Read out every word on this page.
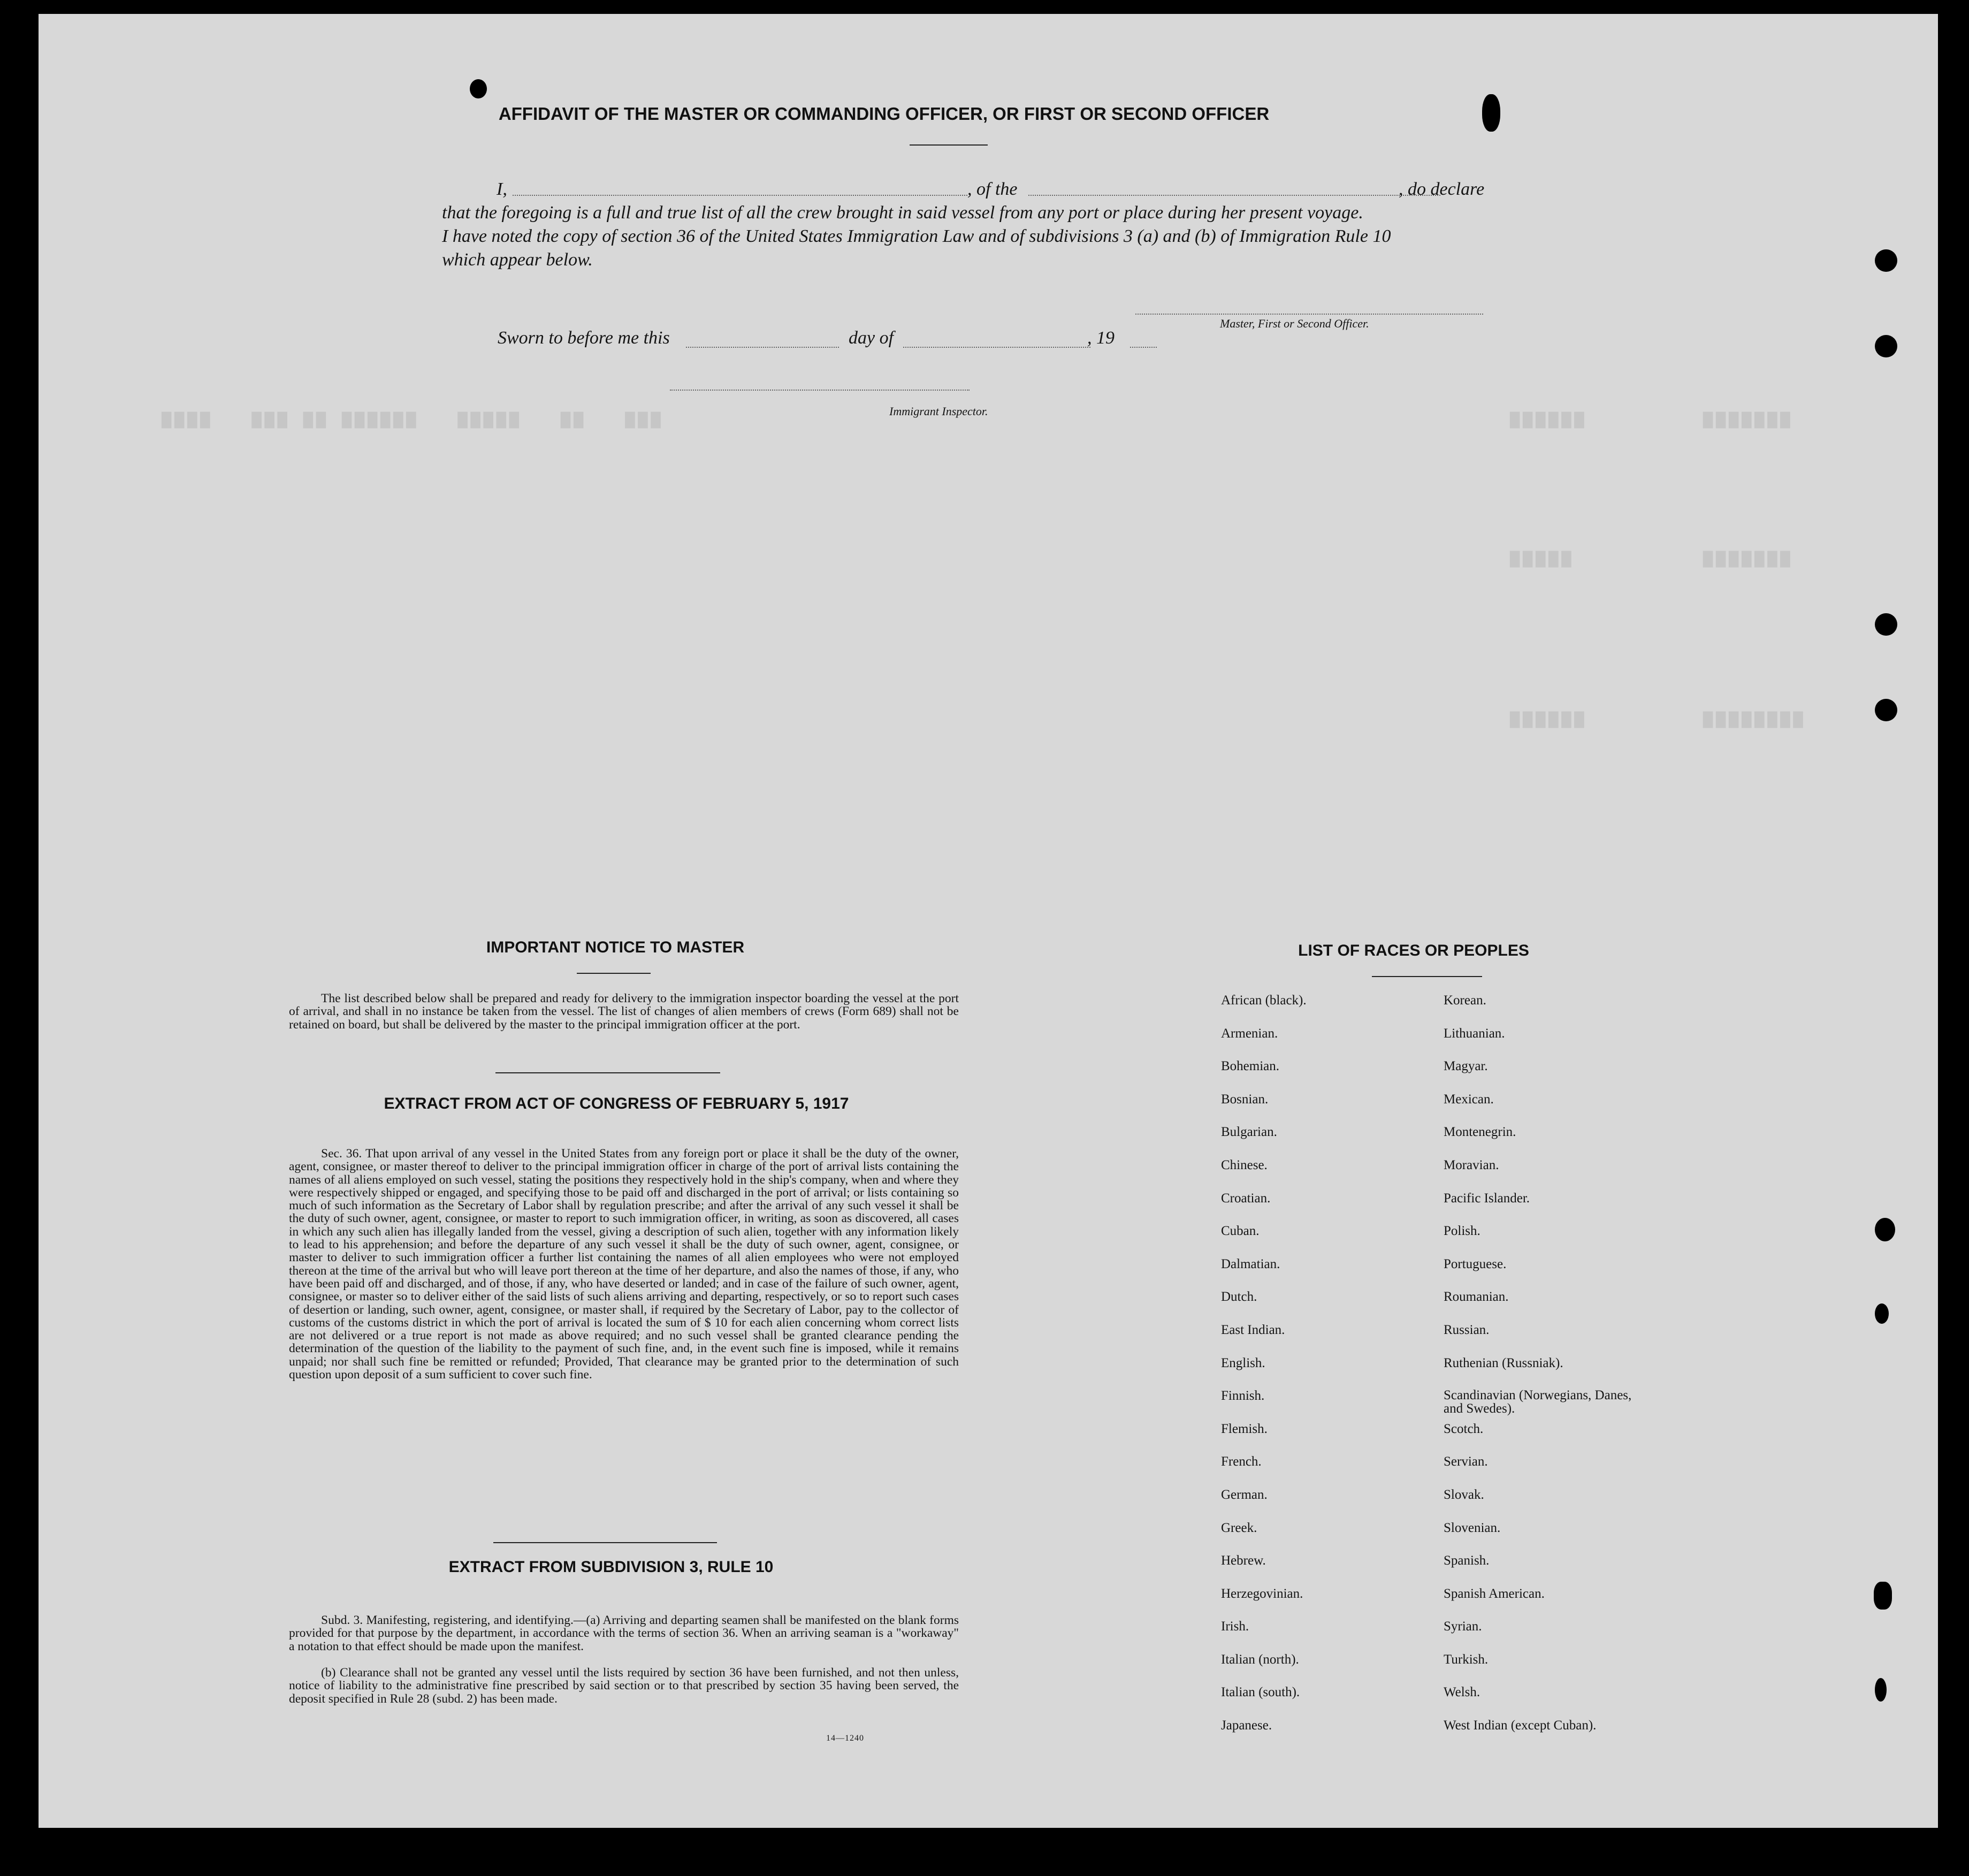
▇▇▇▇   ▇▇▇ ▇▇ ▇▇▇▇▇▇   ▇▇▇▇▇   ▇▇   ▇▇▇	▇▇▇▇▇▇         ▇▇▇▇▇▇▇
▇▇▇▇▇          ▇▇▇▇▇▇▇
▇▇▇▇▇▇         ▇▇▇▇▇▇▇▇
AFFIDAVIT OF THE MASTER OR COMMANDING OFFICER, OR FIRST OR SECOND OFFICER
I,	, of the	, do declare
that the foregoing is a full and true list of all the crew brought in said vessel from any port or place during her present voyage.
I have noted the copy of section 36 of the United States Immigration Law and of subdivisions 3 (a) and (b) of Immigration Rule 10
which appear below.
Master, First or Second Officer.
Sworn to before me this	day of	, 19
Immigrant Inspector.
IMPORTANT NOTICE TO MASTER
The list described below shall be prepared and ready for delivery to the immigration inspector boarding the vessel at the port of arrival, and shall in no instance be taken from the vessel. The list of changes of alien members of crews (Form 689) shall not be retained on board, but shall be delivered by the master to the principal immigration officer at the port.
EXTRACT FROM ACT OF CONGRESS OF FEBRUARY 5, 1917
Sec. 36. That upon arrival of any vessel in the United States from any foreign port or place it shall be the duty of the owner, agent, consignee, or master thereof to deliver to the principal immigration officer in charge of the port of arrival lists containing the names of all aliens employed on such vessel, stating the positions they respectively hold in the ship's company, when and where they were respectively shipped or engaged, and specifying those to be paid off and discharged in the port of arrival; or lists containing so much of such information as the Secretary of Labor shall by regulation prescribe; and after the arrival of any such vessel it shall be the duty of such owner, agent, consignee, or master to report to such immigration officer, in writing, as soon as discovered, all cases in which any such alien has illegally landed from the vessel, giving a description of such alien, together with any information likely to lead to his apprehension; and before the departure of any such vessel it shall be the duty of such owner, agent, consignee, or master to deliver to such immigration officer a further list containing the names of all alien employees who were not employed thereon at the time of the arrival but who will leave port thereon at the time of her departure, and also the names of those, if any, who have been paid off and discharged, and of those, if any, who have deserted or landed; and in case of the failure of such owner, agent, consignee, or master so to deliver either of the said lists of such aliens arriving and departing, respectively, or so to report such cases of desertion or landing, such owner, agent, consignee, or master shall, if required by the Secretary of Labor, pay to the collector of customs of the customs district in which the port of arrival is located the sum of $ 10 for each alien concerning whom correct lists are not delivered or a true report is not made as above required; and no such vessel shall be granted clearance pending the determination of the question of the liability to the payment of such fine, and, in the event such fine is imposed, while it remains unpaid; nor shall such fine be remitted or refunded; Provided, That clearance may be granted prior to the determination of such question upon deposit of a sum sufficient to cover such fine.
EXTRACT FROM SUBDIVISION 3, RULE 10
Subd. 3. Manifesting, registering, and identifying.—(a) Arriving and departing seamen shall be manifested on the blank forms provided for that purpose by the department, in accordance with the terms of section 36. When an arriving seaman is a "workaway" a notation to that effect should be made upon the manifest.
(b) Clearance shall not be granted any vessel until the lists required by section 36 have been furnished, and not then unless, notice of liability to the administrative fine prescribed by said section or to that prescribed by section 35 having been served, the deposit specified in Rule 28 (subd. 2) has been made.
14—1240
LIST OF RACES OR PEOPLES
African (black).
Armenian.
Bohemian.
Bosnian.
Bulgarian.
Chinese.
Croatian.
Cuban.
Dalmatian.
Dutch.
East Indian.
English.
Finnish.
Flemish.
French.
German.
Greek.
Hebrew.
Herzegovinian.
Irish.
Italian (north).
Italian (south).
Japanese.
Korean.
Lithuanian.
Magyar.
Mexican.
Montenegrin.
Moravian.
Pacific Islander.
Polish.
Portuguese.
Roumanian.
Russian.
Ruthenian (Russniak).
Scandinavian (Norwegians, Danes, and Swedes).
Scotch.
Servian.
Slovak.
Slovenian.
Spanish.
Spanish American.
Syrian.
Turkish.
Welsh.
West Indian (except Cuban).
